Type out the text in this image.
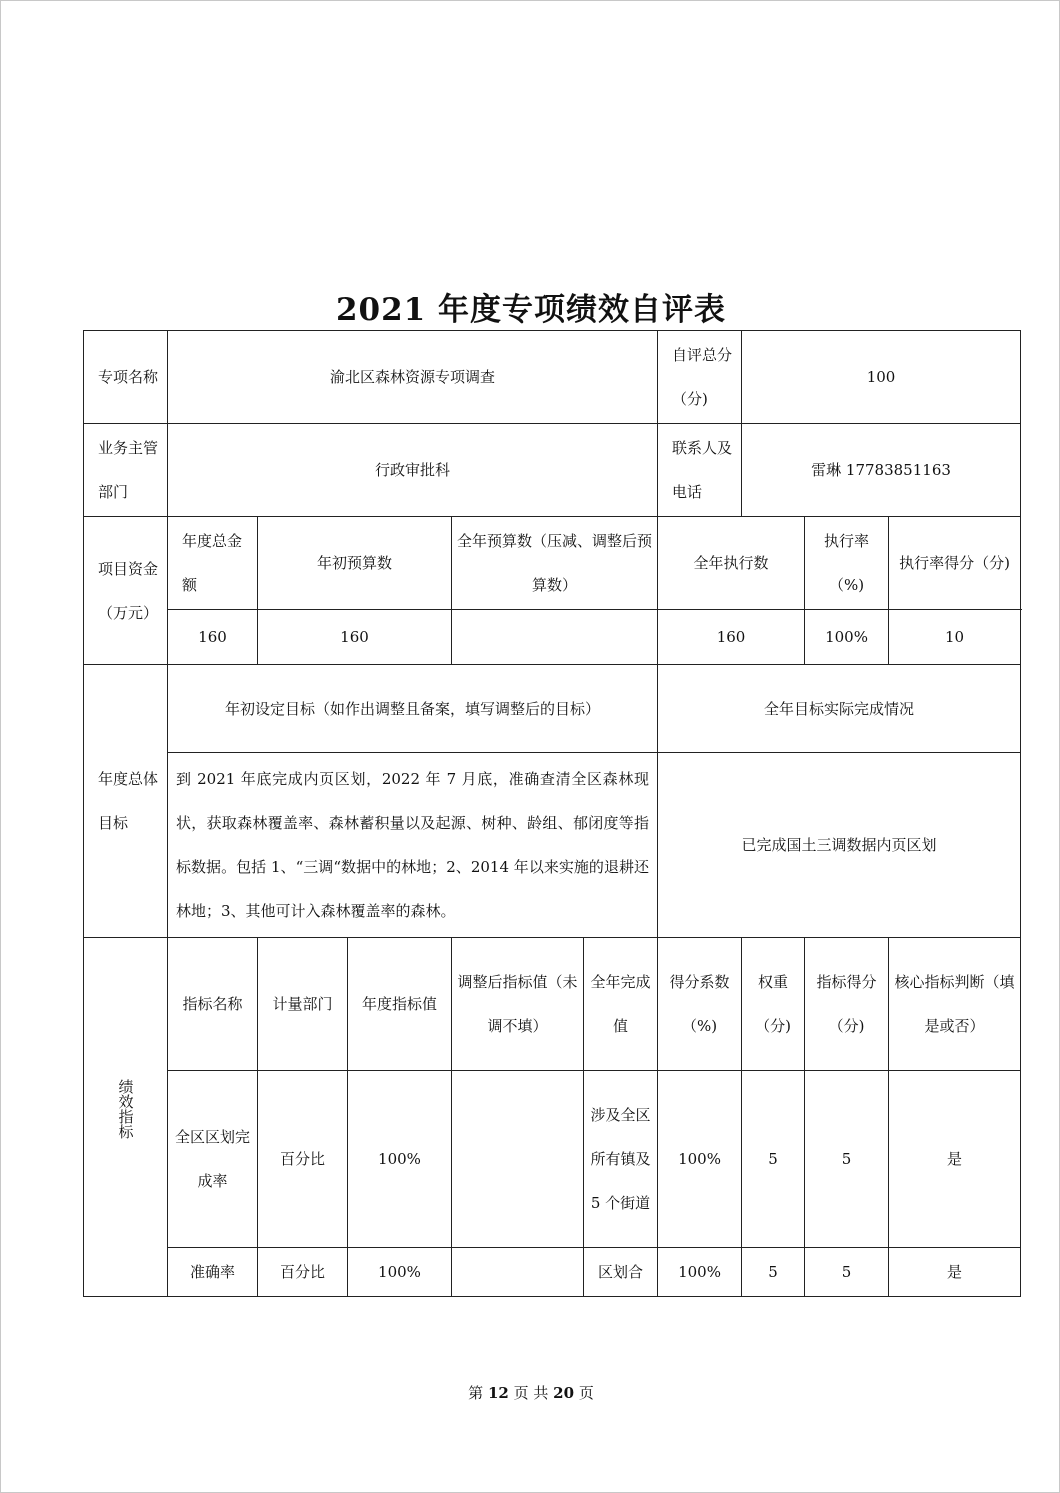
2021 年度专项绩效自评表
专项名称	渝北区森林资源专项调查					自评总分（分)	100		
业务主管部门	行政审批科					联系人及电话	雷琳 17783851163		
项目资金（万元）	年度总金额	年初预算数		全年预算数（压减、调整后预算数）		全年执行数		执行率（%)	执行率得分（分)
	160	160				160		100%	10
年度总体目标	年初设定目标（如作出调整且备案，填写调整后的目标）					全年目标实际完成情况			
	到 2021 年底完成内页区划，2022 年 7 月底，准确查清全区森林现状，获取森林覆盖率、森林蓄积量以及起源、树种、龄组、郁闭度等指标数据。包括 1、“三调“数据中的林地；2、2014 年以来实施的退耕还林地；3、其他可计入森林覆盖率的森林。					已完成国土三调数据内页区划			
绩效指标	指标名称	计量部门	年度指标值	调整后指标值（未调不填）	全年完成值	得分系数（%)	权重（分)	指标得分（分)	核心指标判断（填是或否）
	全区区划完成率	百分比	100%		涉及全区所有镇及 5 个街道	100%	5	5	是
	准确率	百分比	100%		区划合	100%	5	5	是
第 12 页 共 20 页
